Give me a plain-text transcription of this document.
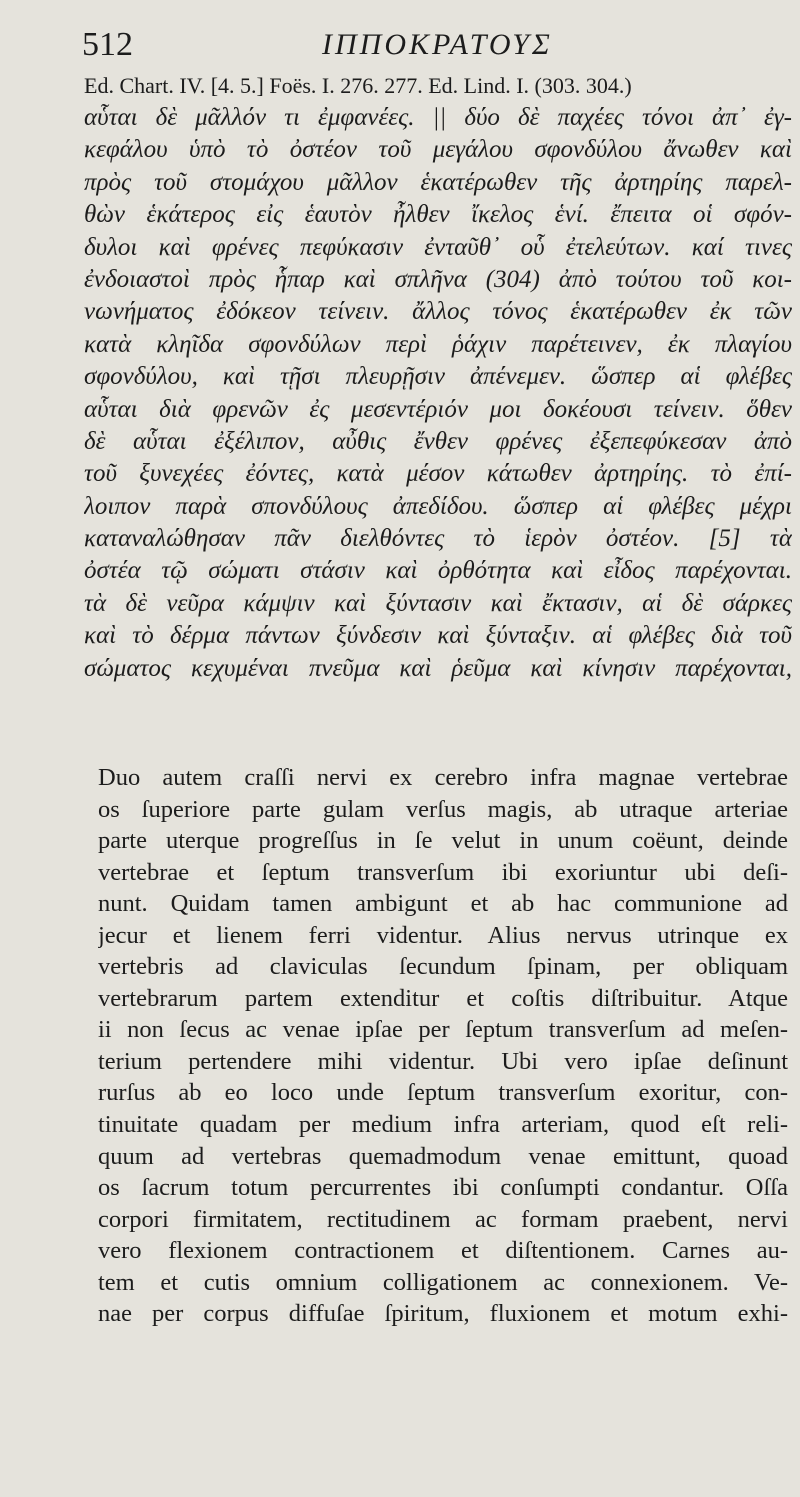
512	ΙΠΠΟΚΡΑΤΟΥΣ
Ed. Chart. IV. [4. 5.] Foës. I. 276. 277. Ed. Lind. I. (303. 304.)
αὗται δὲ μᾶλλόν τι ἐμφανέες. || δύο δὲ παχέες τόνοι ἀπ᾽ ἐγ-
κεφάλου ὑπὸ τὸ ὀστέον τοῦ μεγάλου σφονδύλου ἄνωθεν καὶ
πρὸς τοῦ στομάχου μᾶλλον ἑκατέρωθεν τῆς ἀρτηρίης παρελ-
θὼν ἑκάτερος εἰς ἑαυτὸν ἦλθεν ἴκελος ἑνί. ἔπειτα οἱ σφόν-
δυλοι καὶ φρένες πεφύκασιν ἐνταῦθ᾽ οὗ ἐτελεύτων. καί τινες
ἐνδοιαστοὶ πρὸς ἧπαρ καὶ σπλῆνα (304) ἀπὸ τούτου τοῦ κοι-
νωνήματος ἐδόκεον τείνειν. ἄλλος τόνος ἑκατέρωθεν ἐκ τῶν
κατὰ κληῖδα σφονδύλων περὶ ῥάχιν παρέτεινεν, ἐκ πλαγίου
σφονδύλου, καὶ τῇσι πλευρῇσιν ἀπένεμεν. ὥσπερ αἱ φλέβες
αὗται διὰ φρενῶν ἐς μεσεντέριόν μοι δοκέουσι τείνειν. ὅθεν
δὲ αὗται ἐξέλιπον, αὖθις ἔνθεν φρένες ἐξεπεφύκεσαν ἀπὸ
τοῦ ξυνεχέες ἐόντες, κατὰ μέσον κάτωθεν ἀρτηρίης. τὸ ἐπί-
λοιπον παρὰ σπονδύλους ἀπεδίδου. ὥσπερ αἱ φλέβες μέχρι
καταναλώθησαν πᾶν διελθόντες τὸ ἱερὸν ὀστέον. [5] τὰ
ὀστέα τῷ σώματι στάσιν καὶ ὀρθότητα καὶ εἶδος παρέχονται.
τὰ δὲ νεῦρα κάμψιν καὶ ξύντασιν καὶ ἔκτασιν, αἱ δὲ σάρκες
καὶ τὸ δέρμα πάντων ξύνδεσιν καὶ ξύνταξιν. αἱ φλέβες διὰ τοῦ
σώματος κεχυμέναι πνεῦμα καὶ ῥεῦμα καὶ κίνησιν παρέχονται,
Duo autem craſſi nervi ex cerebro infra magnae vertebrae
os ſuperiore parte gulam verſus magis, ab utraque arteriae
parte uterque progreſſus in ſe velut in unum coëunt, deinde
vertebrae et ſeptum transverſum ibi exoriuntur ubi deſi-
nunt. Quidam tamen ambigunt et ab hac communione ad
jecur et lienem ferri videntur. Alius nervus utrinque ex
vertebris ad claviculas ſecundum ſpinam, per obliquam
vertebrarum partem extenditur et coſtis diſtribuitur. Atque
ii non ſecus ac venae ipſae per ſeptum transverſum ad meſen-
terium pertendere mihi videntur. Ubi vero ipſae deſinunt
rurſus ab eo loco unde ſeptum transverſum exoritur, con-
tinuitate quadam per medium infra arteriam, quod eſt reli-
quum ad vertebras quemadmodum venae emittunt, quoad
os ſacrum totum percurrentes ibi conſumpti condantur. Oſſa
corpori firmitatem, rectitudinem ac formam praebent, nervi
vero flexionem contractionem et diſtentionem. Carnes au-
tem et cutis omnium colligationem ac connexionem. Ve-
nae per corpus diffuſae ſpiritum, fluxionem et motum exhi-
